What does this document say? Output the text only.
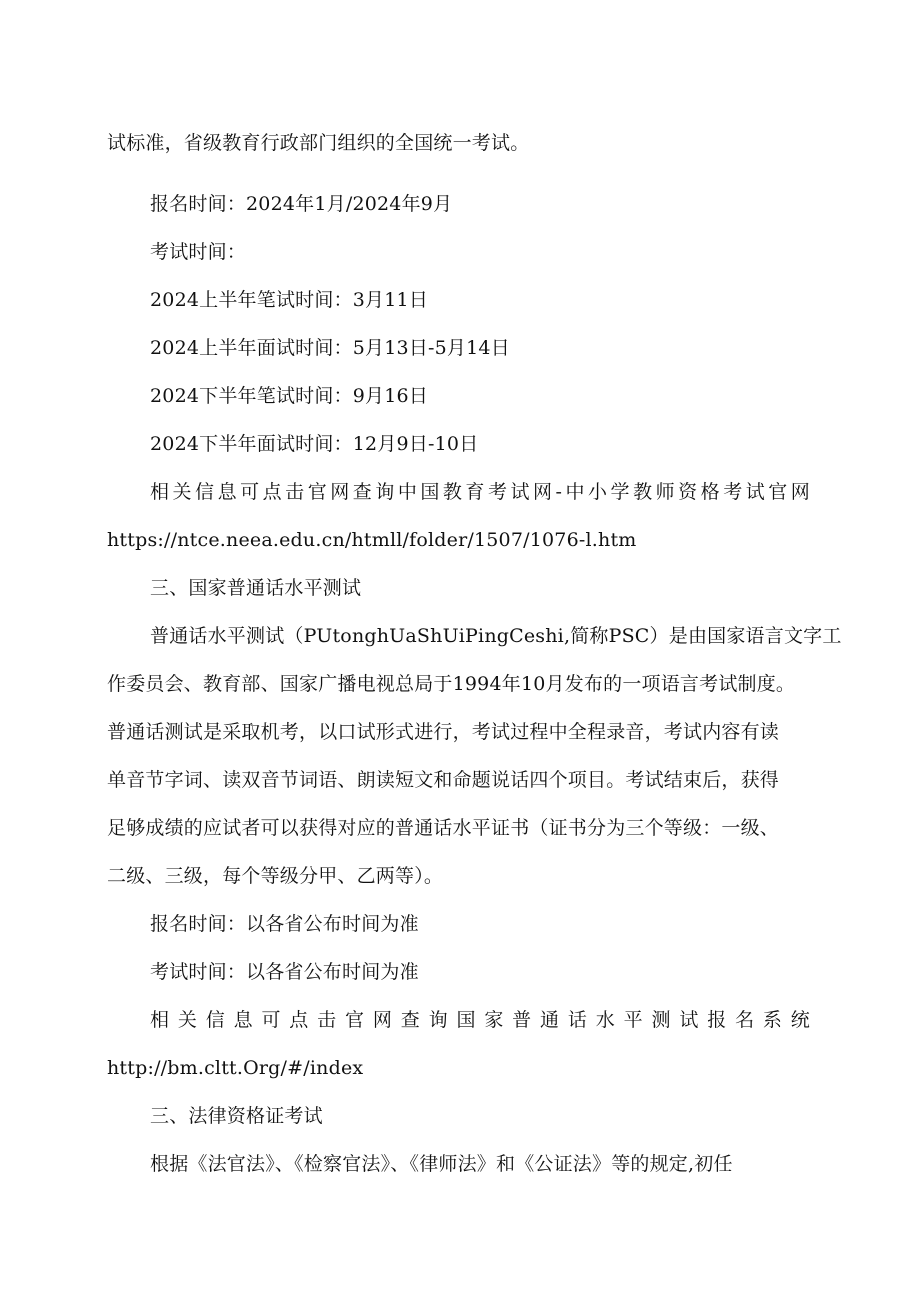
试标准，省级教育行政部门组织的全国统一考试。
报名时间：2024年1月/2024年9月
考试时间：
2024上半年笔试时间：3月11日
2024上半年面试时间：5月13日-5月14日
2024下半年笔试时间：9月16日
2024下半年面试时间：12月9日-10日
相关信息可点击官网查询中国教育考试网-中小学教师资格考试官网
https://ntce.neea.edu.cn/htmll/folder/1507/1076-l.htm
三、国家普通话水平测试
普通话水平测试（PUtonghUaShUiPingCeshi,简称PSC）是由国家语言文字工
作委员会、教育部、国家广播电视总局于1994年10月发布的一项语言考试制度。
普通话测试是采取机考，以口试形式进行，考试过程中全程录音，考试内容有读
单音节字词、读双音节词语、朗读短文和命题说话四个项目。考试结束后，获得
足够成绩的应试者可以获得对应的普通话水平证书（证书分为三个等级：一级、
二级、三级，每个等级分甲、乙两等）。
报名时间：以各省公布时间为准
考试时间：以各省公布时间为准
相关信息可点击官网查询国家普通话水平测试报名系统
http://bm.cltt.Org/#/index
三、法律资格证考试
根据《法官法》、《检察官法》、《律师法》和《公证法》等的规定,初任
